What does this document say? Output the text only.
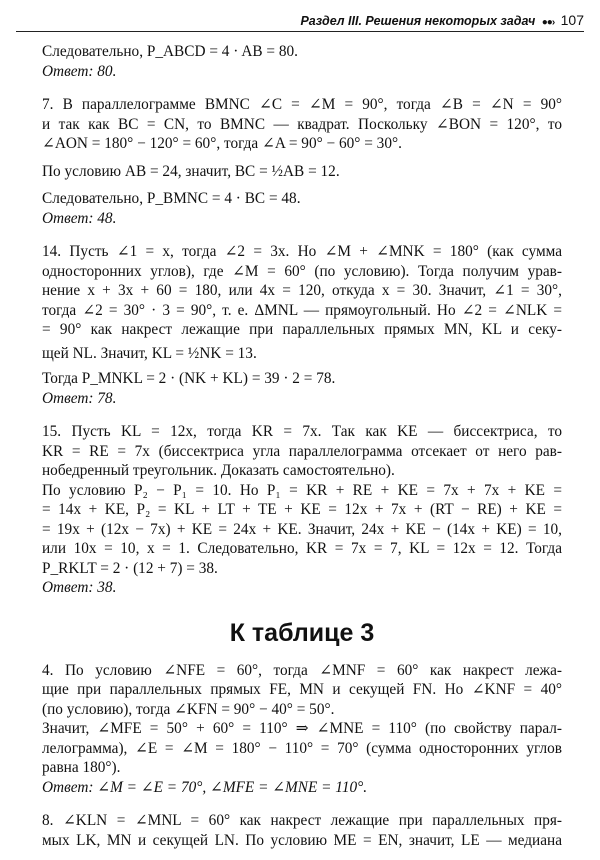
Раздел III. Решения некоторых задач ●●› 107
Следовательно, P_ABCD = 4 · AB = 80.
Ответ: 80.
7. В параллелограмме BMNC ∠C = ∠M = 90°, тогда ∠B = ∠N = 90°
и так как BC = CN, то BMNC — квадрат. Поскольку ∠BON = 120°, то
∠AON = 180° − 120° = 60°, тогда ∠A = 90° − 60° = 30°.
По условию AB = 24, значит, BC = ½AB = 12.
Следовательно, P_BMNC = 4 · BC = 48.
Ответ: 48.
14. Пусть ∠1 = x, тогда ∠2 = 3x. Но ∠M + ∠MNK = 180° (как сумма
односторонних углов), где ∠M = 60° (по условию). Тогда получим урав-
нение x + 3x + 60 = 180, или 4x = 120, откуда x = 30. Значит, ∠1 = 30°,
тогда ∠2 = 30° · 3 = 90°, т. е. ΔMNL — прямоугольный. Но ∠2 = ∠NLK =
= 90° как накрест лежащие при параллельных прямых MN, KL и секу-
щей NL. Значит, KL = ½NK = 13.
Тогда P_MNKL = 2 · (NK + KL) = 39 · 2 = 78.
Ответ: 78.
15. Пусть KL = 12x, тогда KR = 7x. Так как KE — биссектриса, то
KR = RE = 7x (биссектриса угла параллелограмма отсекает от него рав-
нобедренный треугольник. Доказать самостоятельно).
По условию P₂ − P₁ = 10. Но P₁ = KR + RE + KE = 7x + 7x + KE =
= 14x + KE, P₂ = KL + LT + TE + KE = 12x + 7x + (RT − RE) + KE =
= 19x + (12x − 7x) + KE = 24x + KE. Значит, 24x + KE − (14x + KE) = 10,
или 10x = 10, x = 1. Следовательно, KR = 7x = 7, KL = 12x = 12. Тогда
P_RKLT = 2 · (12 + 7) = 38.
Ответ: 38.
К таблице 3
4. По условию ∠NFE = 60°, тогда ∠MNF = 60° как накрест лежа-
щие при параллельных прямых FE, MN и секущей FN. Но ∠KNF = 40°
(по условию), тогда ∠KFN = 90° − 40° = 50°.
Значит, ∠MFE = 50° + 60° = 110° ⇒ ∠MNE = 110° (по свойству парал-
лелограмма), ∠E = ∠M = 180° − 110° = 70° (сумма односторонних углов
равна 180°).
Ответ: ∠M = ∠E = 70°, ∠MFE = ∠MNE = 110°.
8. ∠KLN = ∠MNL = 60° как накрест лежащие при параллельных пря-
мых LK, MN и секущей LN. По условию ME = EN, значит, LE — медиана
